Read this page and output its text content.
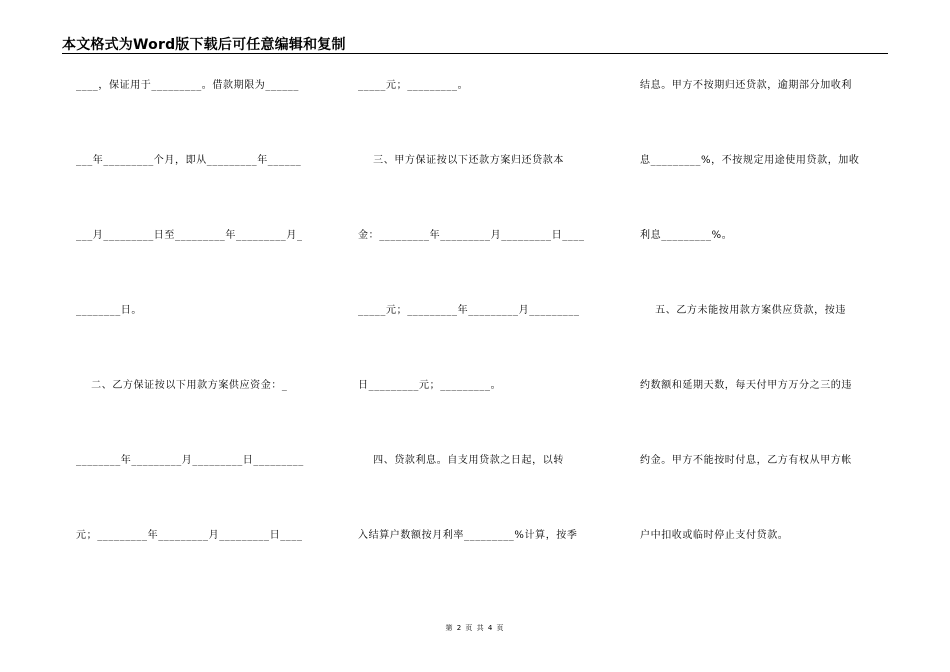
本文格式为Word版下载后可任意编辑和复制
____，保证用于_________。借款期限为______
___年_________个月，即从_________年______
___月_________日至_________年_________月_
________日。
二、乙方保证按以下用款方案供应资金：_
________年_________月_________日_________
元；_________年_________月_________日____
_____元；_________。
三、甲方保证按以下还款方案归还贷款本
金：_________年_________月_________日____
_____元；_________年_________月_________
日_________元；_________。
四、贷款利息。自支用贷款之日起，以转
入结算户数额按月利率_________%计算，按季
结息。甲方不按期归还贷款，逾期部分加收利
息_________%，不按规定用途使用贷款，加收
利息_________%。
五、乙方未能按用款方案供应贷款，按违
约数额和延期天数，每天付甲方万分之三的违
约金。甲方不能按时付息，乙方有权从甲方帐
户中扣收或临时停止支付贷款。
第 2 页 共 4 页
